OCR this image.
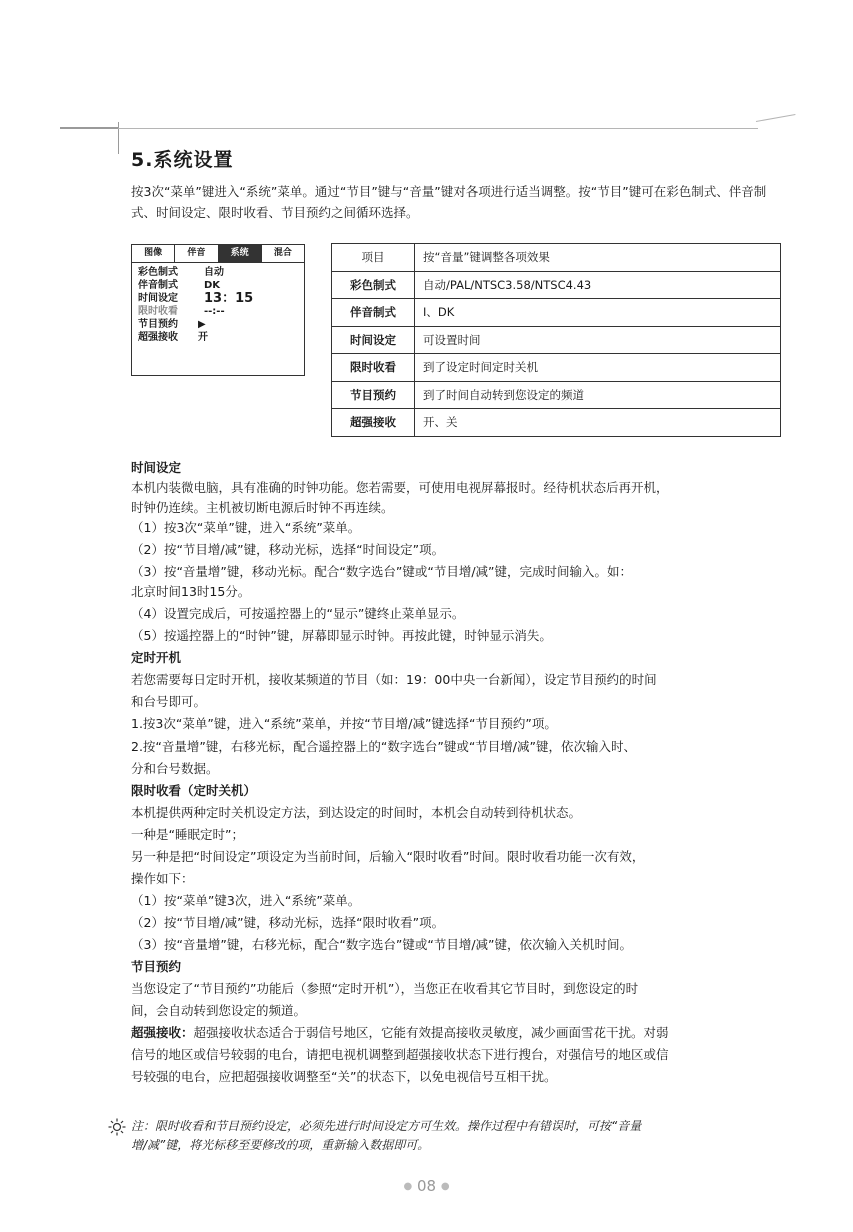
5.系统设置
按3次“菜单”键进入“系统”菜单。通过“节目”键与“音量”键对各项进行适当调整。按“节目”键可在彩色制式、伴音制式、时间设定、限时收看、节目预约之间循环选择。
图像	伴音	系统	混合
彩色制式	自动
伴音制式	DK
时间设定	13：15
限时收看	--:--
节目预约	▶
超强接收	开
项目	按“音量”键调整各项效果
彩色制式	自动/PAL/NTSC3.58/NTSC4.43
伴音制式	I、DK
时间设定	可设置时间
限时收看	到了设定时间定时关机
节目预约	到了时间自动转到您设定的频道
超强接收	开、关
时间设定
本机内装微电脑，具有准确的时钟功能。您若需要，可使用电视屏幕报时。经待机状态后再开机，
时钟仍连续。主机被切断电源后时钟不再连续。
（1）按3次“菜单”键，进入“系统”菜单。
（2）按“节目增/减”键，移动光标，选择“时间设定”项。
（3）按“音量增”键，移动光标。配合“数字选台”键或“节目增/减”键，完成时间输入。如：
北京时间13时15分。
（4）设置完成后，可按遥控器上的“显示”键终止菜单显示。
（5）按遥控器上的“时钟”键，屏幕即显示时钟。再按此键，时钟显示消失。
定时开机
若您需要每日定时开机，接收某频道的节目（如：19：00中央一台新闻），设定节目预约的时间
和台号即可。
1.按3次“菜单”键，进入“系统”菜单，并按“节目增/减”键选择“节目预约”项。
2.按“音量增”键，右移光标，配合遥控器上的“数字选台”键或“节目增/减”键，依次输入时、
分和台号数据。
限时收看（定时关机）
本机提供两种定时关机设定方法，到达设定的时间时，本机会自动转到待机状态。
一种是“睡眠定时”；
另一种是把“时间设定”项设定为当前时间，后输入“限时收看”时间。限时收看功能一次有效，
操作如下：
（1）按“菜单”键3次，进入“系统”菜单。
（2）按“节目增/减”键，移动光标，选择“限时收看”项。
（3）按“音量增”键，右移光标，配合“数字选台”键或“节目增/减”键，依次输入关机时间。
节目预约
当您设定了“节目预约”功能后（参照“定时开机”），当您正在收看其它节目时，到您设定的时
间，会自动转到您设定的频道。
超强接收：超强接收状态适合于弱信号地区，它能有效提高接收灵敏度，减少画面雪花干扰。对弱
信号的地区或信号较弱的电台，请把电视机调整到超强接收状态下进行搜台，对强信号的地区或信
号较强的电台，应把超强接收调整至“关”的状态下，以免电视信号互相干扰。
注：限时收看和节目预约设定，必须先进行时间设定方可生效。操作过程中有错误时，可按“音量
增/减”键，将光标移至要修改的项，重新输入数据即可。
● 08 ●
